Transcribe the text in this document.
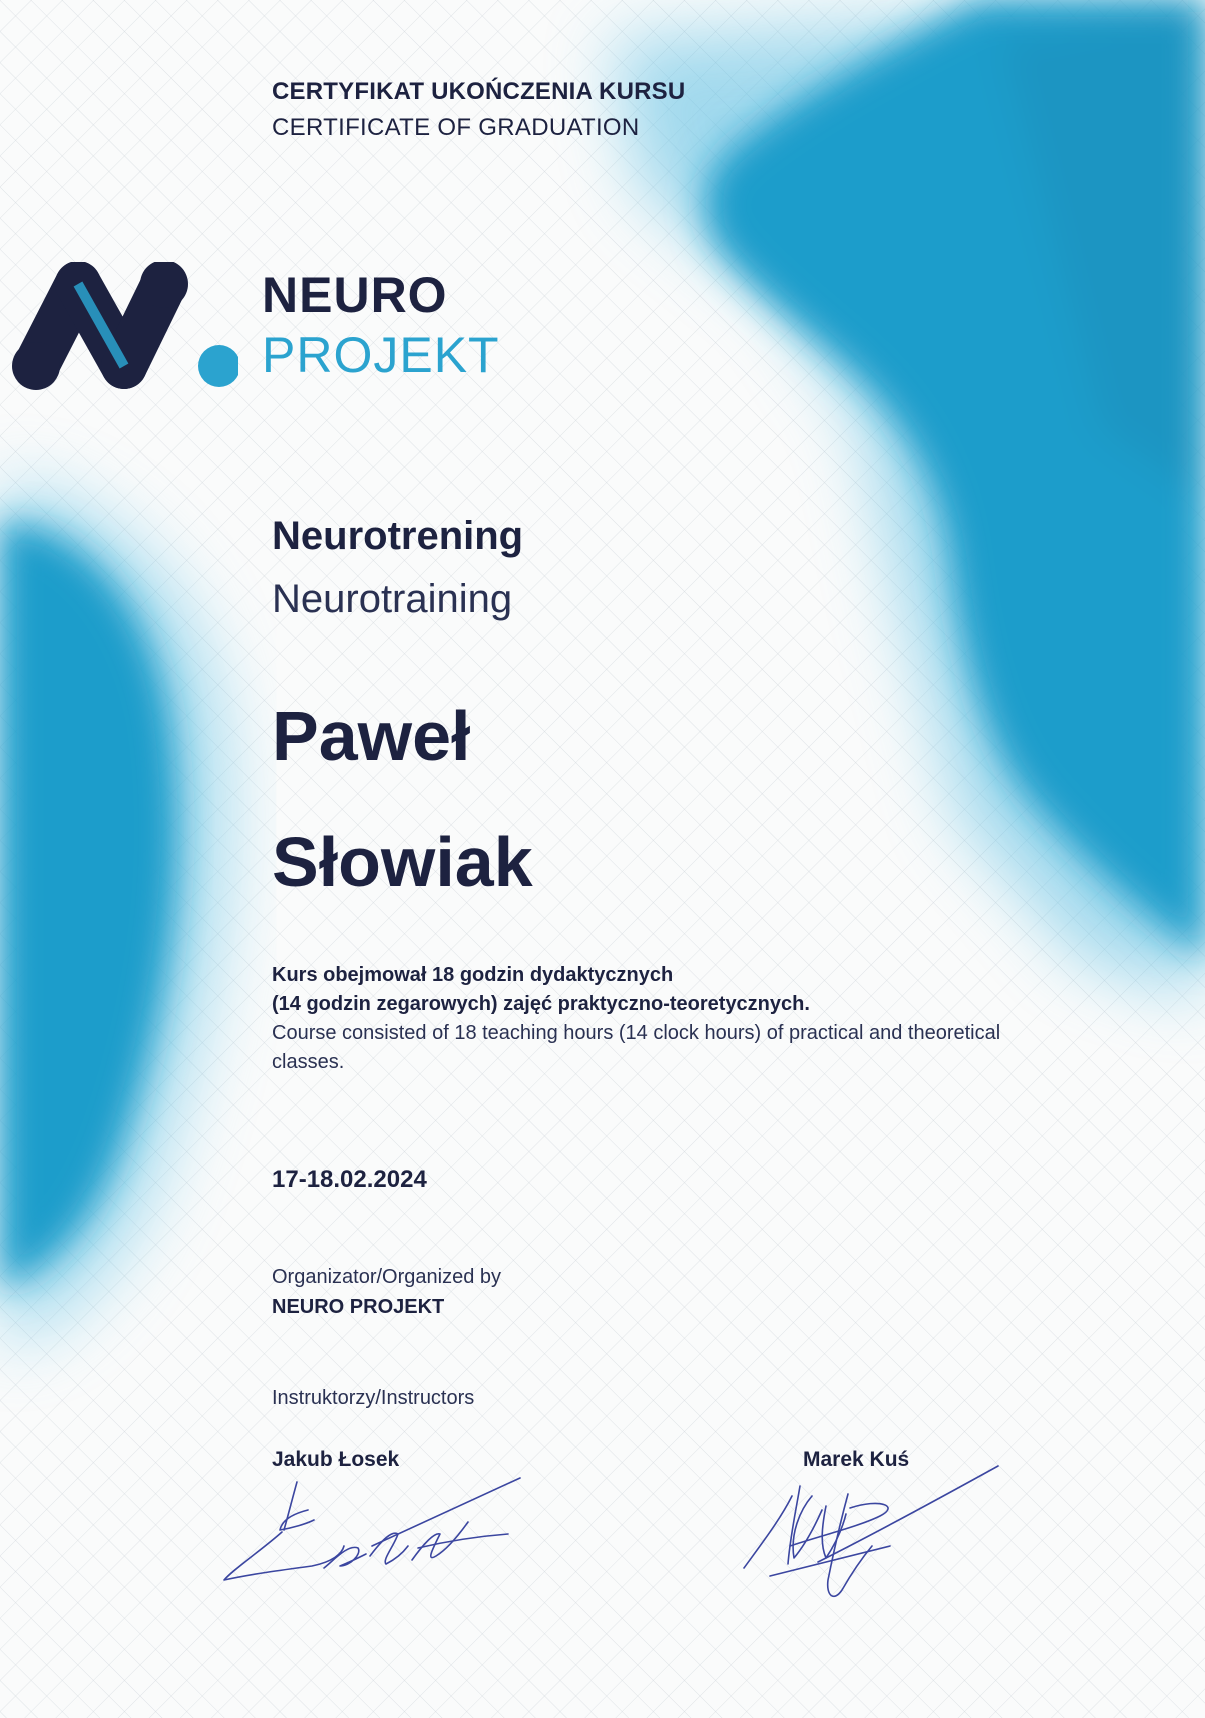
CERTYFIKAT UKOŃCZENIA KURSU

CERTIFICATE OF GRADUATION

NEURO

PROJEKT

Neurotrening

Neurotraining

Paweł

Słowiak

Kurs obejmował 18 godzin dydaktycznych
(14 godzin zegarowych) zajęć praktyczno-teoretycznych.
Course consisted of 18 teaching hours (14 clock hours) of practical and theoretical
classes.

17-18.02.2024

Organizator/Organized by

NEURO PROJEKT

Instruktorzy/Instructors

Jakub Łosek	Marek Kuś
